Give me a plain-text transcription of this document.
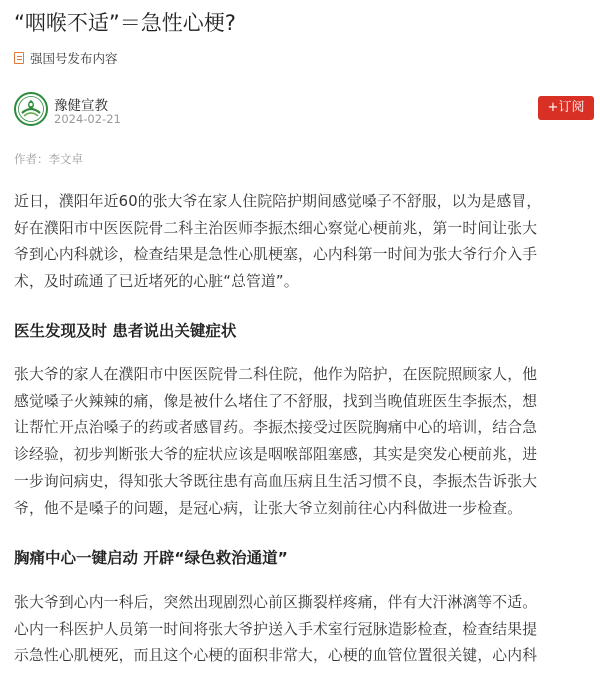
“咽喉不适”＝急性心梗?
强国号发布内容
豫健宣教
2024-02-21
+订阅
作者：李文卓

近日，濮阳年近60的张大爷在家人住院陪护期间感觉嗓子不舒服，以为是感冒，
好在濮阳市中医医院骨二科主治医师李振杰细心察觉心梗前兆，第一时间让张大
爷到心内科就诊，检查结果是急性心肌梗塞，心内科第一时间为张大爷行介入手
术，及时疏通了已近堵死的心脏“总管道”。

医生发现及时 患者说出关键症状

张大爷的家人在濮阳市中医医院骨二科住院，他作为陪护，在医院照顾家人，他
感觉嗓子火辣辣的痛，像是被什么堵住了不舒服，找到当晚值班医生李振杰，想
让帮忙开点治嗓子的药或者感冒药。李振杰接受过医院胸痛中心的培训，结合急
诊经验，初步判断张大爷的症状应该是咽喉部阻塞感，其实是突发心梗前兆，进
一步询问病史，得知张大爷既往患有高血压病且生活习惯不良，李振杰告诉张大
爷，他不是嗓子的问题，是冠心病，让张大爷立刻前往心内科做进一步检查。

胸痛中心一键启动 开辟“绿色救治通道”

张大爷到心内一科后，突然出现剧烈心前区撕裂样疼痛，伴有大汗淋漓等不适。
心内一科医护人员第一时间将张大爷护送入手术室行冠脉造影检查，检查结果提
示急性心肌梗死，而且这个心梗的面积非常大，心梗的血管位置很关键，心内科
